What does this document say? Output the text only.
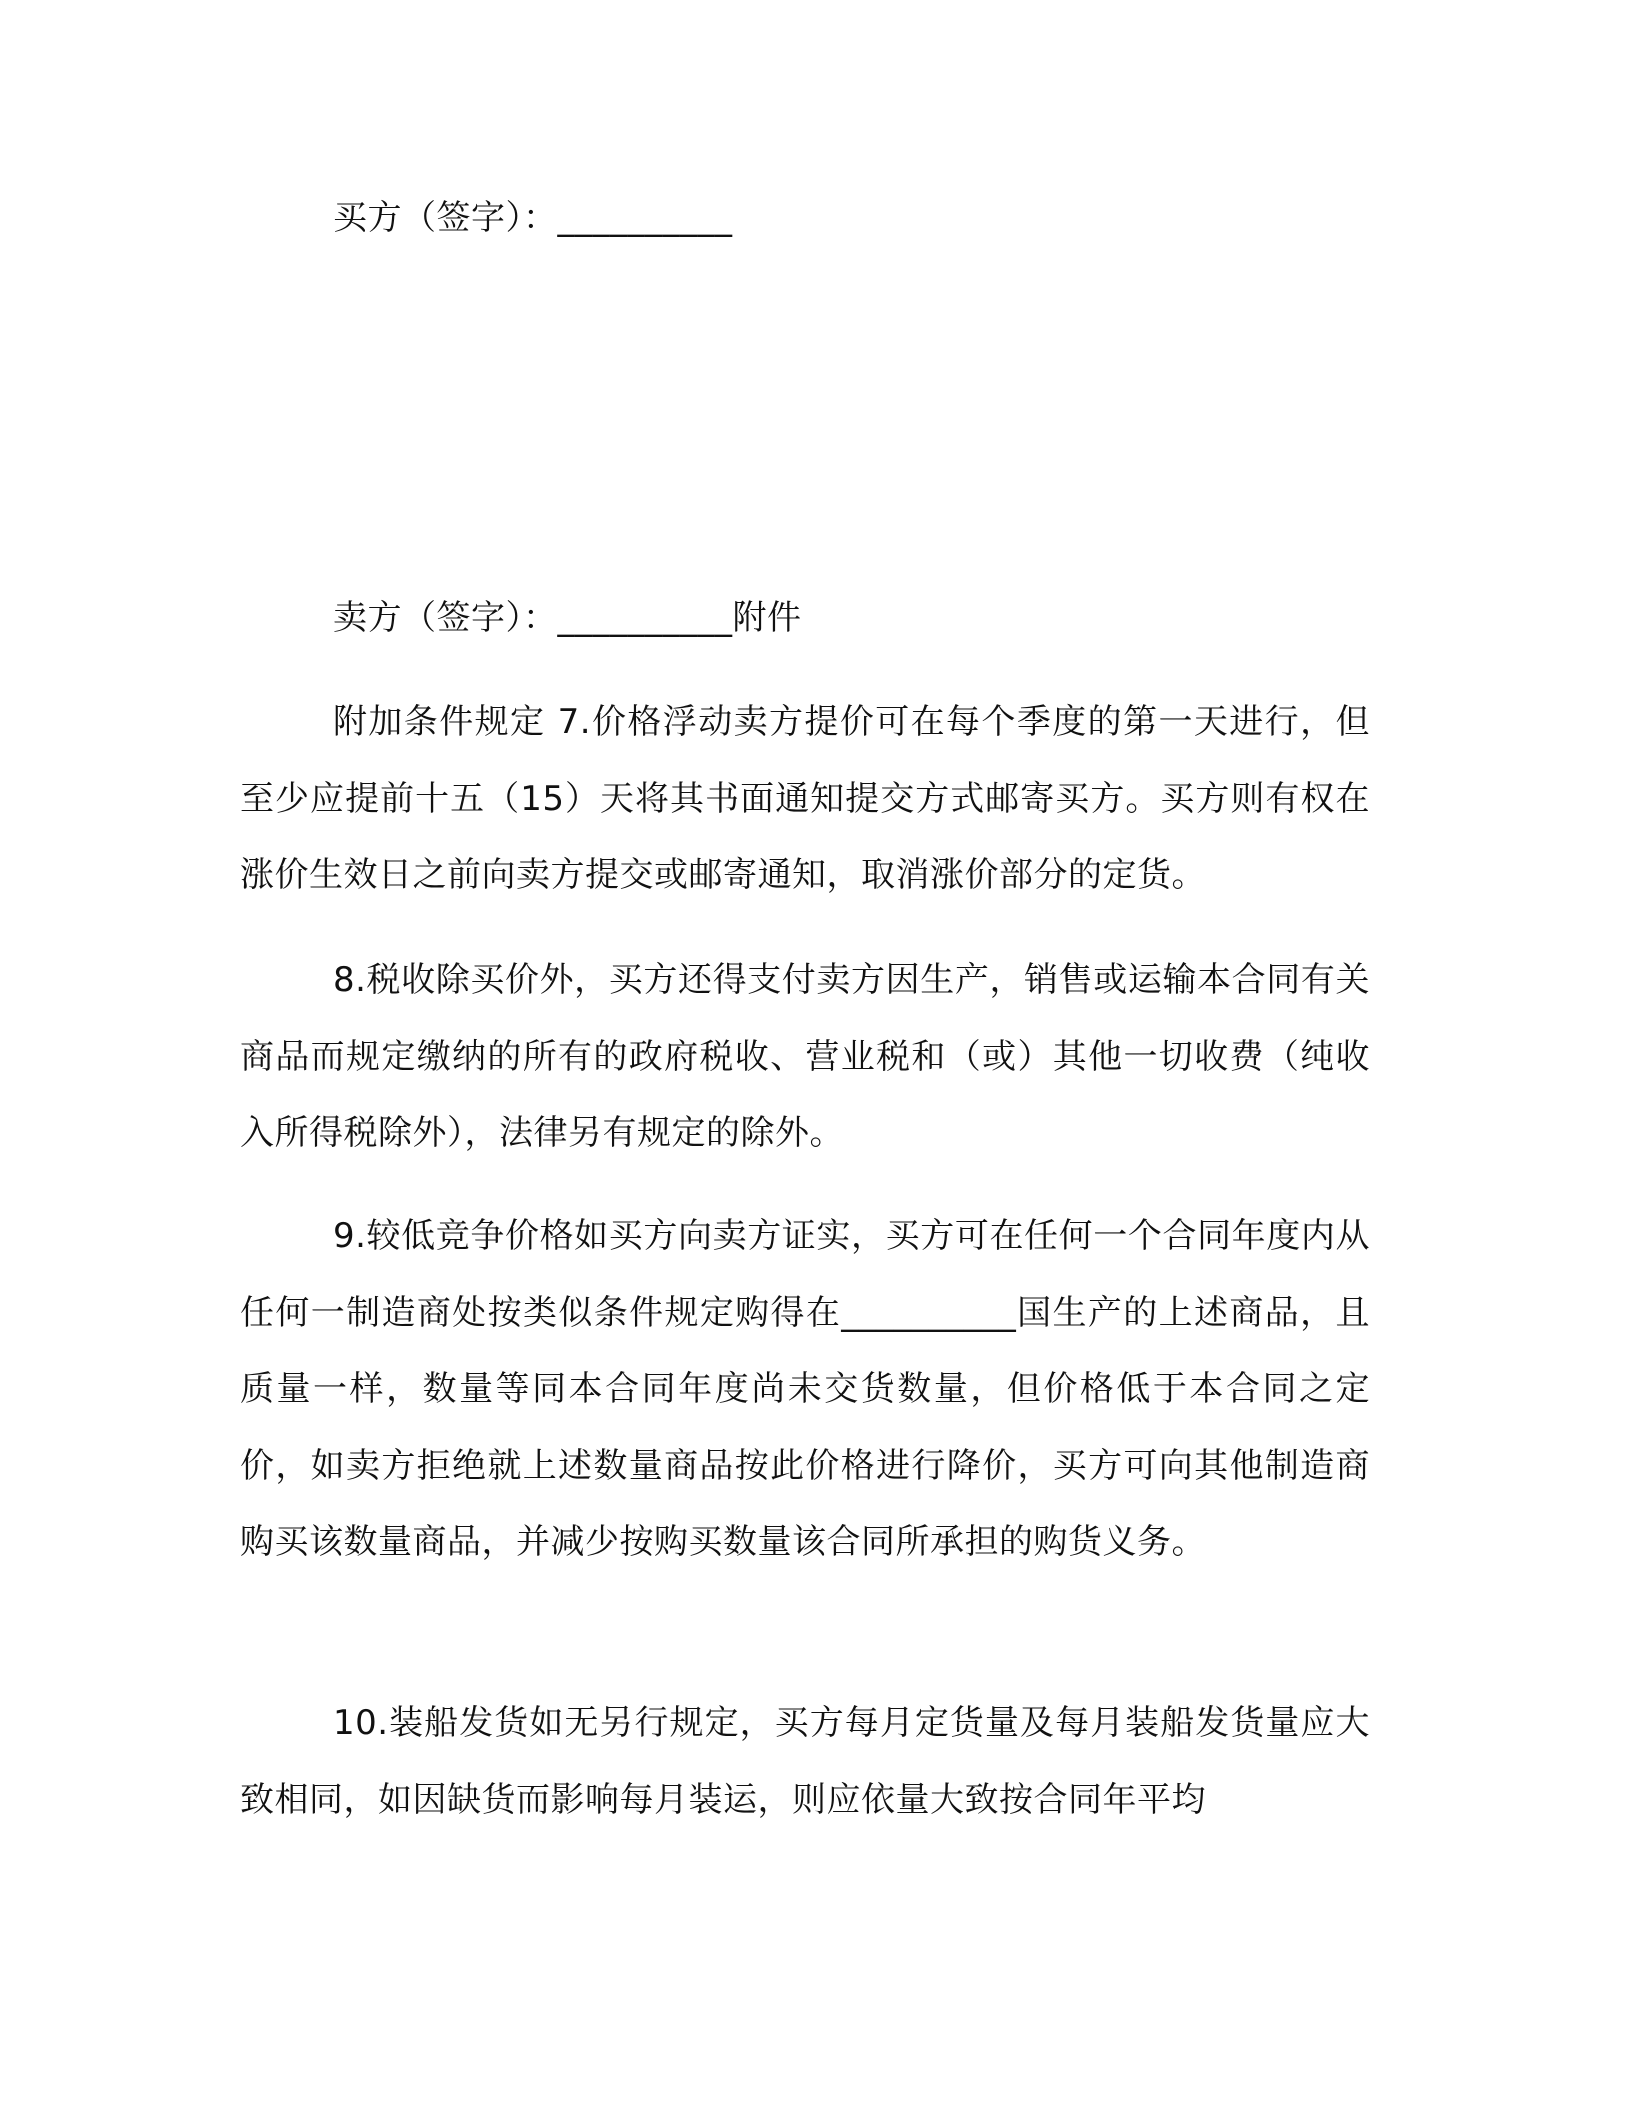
买方（签字）：__________
卖方（签字）：__________附件

附加条件规定 7.价格浮动卖方提价可在每个季度的第一天进行，但至少应提前十五（15）天将其书面通知提交方式邮寄买方。买方则有权在涨价生效日之前向卖方提交或邮寄通知，取消涨价部分的定货。

8.税收除买价外，买方还得支付卖方因生产，销售或运输本合同有关商品而规定缴纳的所有的政府税收、营业税和（或）其他一切收费（纯收入所得税除外），法律另有规定的除外。

9.较低竞争价格如买方向卖方证实，买方可在任何一个合同年度内从任何一制造商处按类似条件规定购得在__________国生产的上述商品，且质量一样，数量等同本合同年度尚未交货数量，但价格低于本合同之定价，如卖方拒绝就上述数量商品按此价格进行降价，买方可向其他制造商购买该数量商品，并减少按购买数量该合同所承担的购货义务。

10.装船发货如无另行规定，买方每月定货量及每月装船发货量应大致相同，如因缺货而影响每月装运，则应依量大致按合同年平均
